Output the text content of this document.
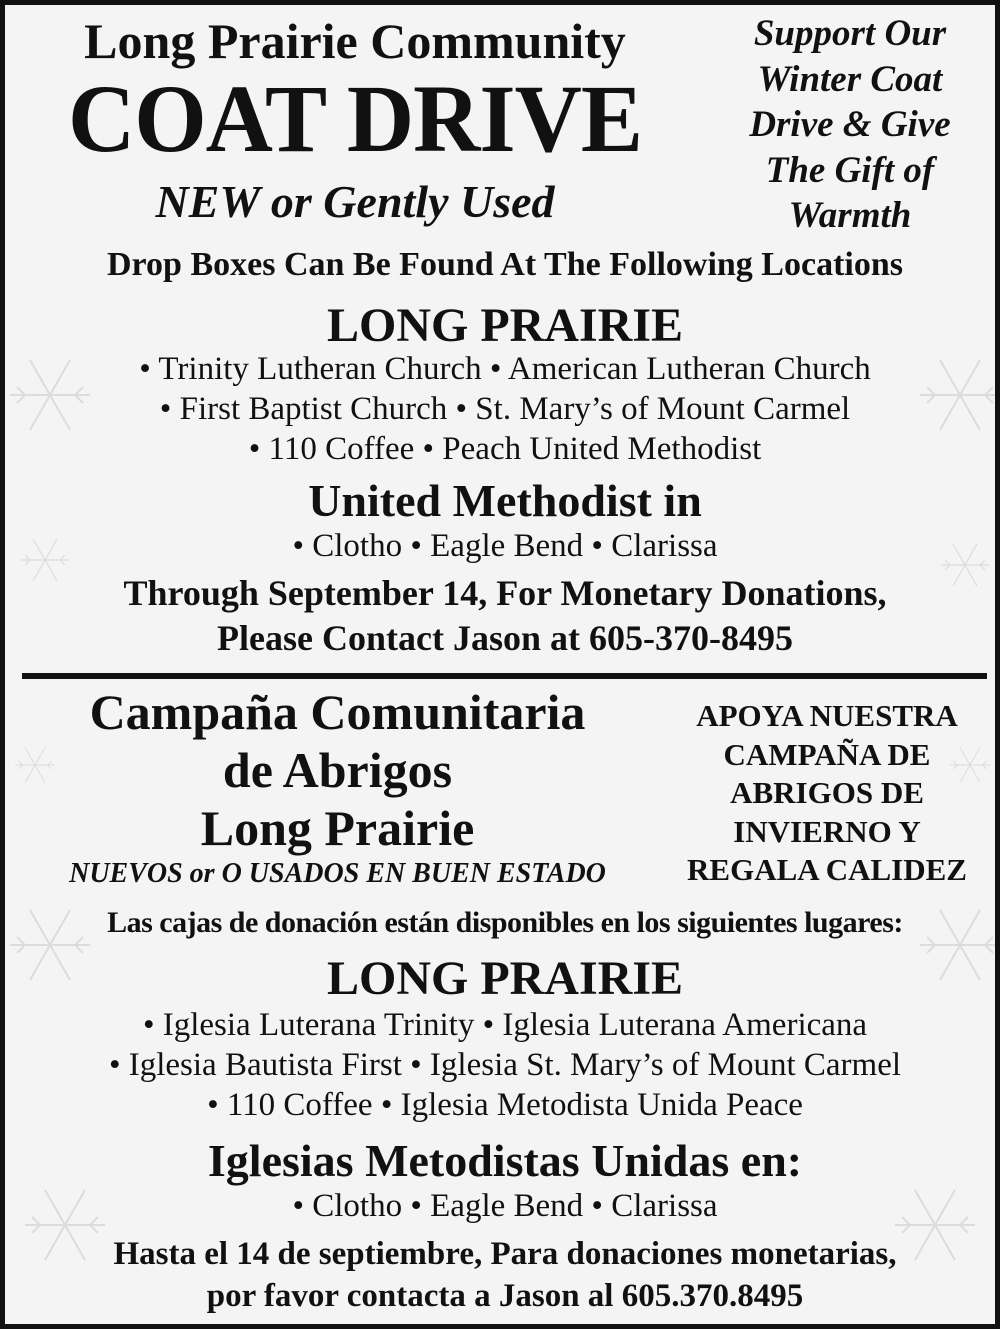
Long Prairie Community
COAT DRIVE
NEW or Gently Used
Support Our
Winter Coat
Drive & Give
The Gift of
Warmth
Drop Boxes Can Be Found At The Following Locations
LONG PRAIRIE
• Trinity Lutheran Church • American Lutheran Church
• First Baptist Church • St. Mary’s of Mount Carmel
• 110 Coffee • Peach United Methodist
United Methodist in
• Clotho • Eagle Bend • Clarissa
Through September 14, For Monetary Donations,
Please Contact Jason at 605-370-8495
Campaña Comunitaria
de Abrigos
Long Prairie
NUEVOS or O USADOS EN BUEN ESTADO
APOYA NUESTRA
CAMPAÑA DE
ABRIGOS DE
INVIERNO Y
REGALA CALIDEZ
Las cajas de donación están disponibles en los siguientes lugares:
LONG PRAIRIE
• Iglesia Luterana Trinity • Iglesia Luterana Americana
• Iglesia Bautista First • Iglesia St. Mary’s of Mount Carmel
• 110 Coffee • Iglesia Metodista Unida Peace
Iglesias Metodistas Unidas en:
• Clotho • Eagle Bend • Clarissa
Hasta el 14 de septiembre, Para donaciones monetarias,
por favor contacta a Jason al 605.370.8495
